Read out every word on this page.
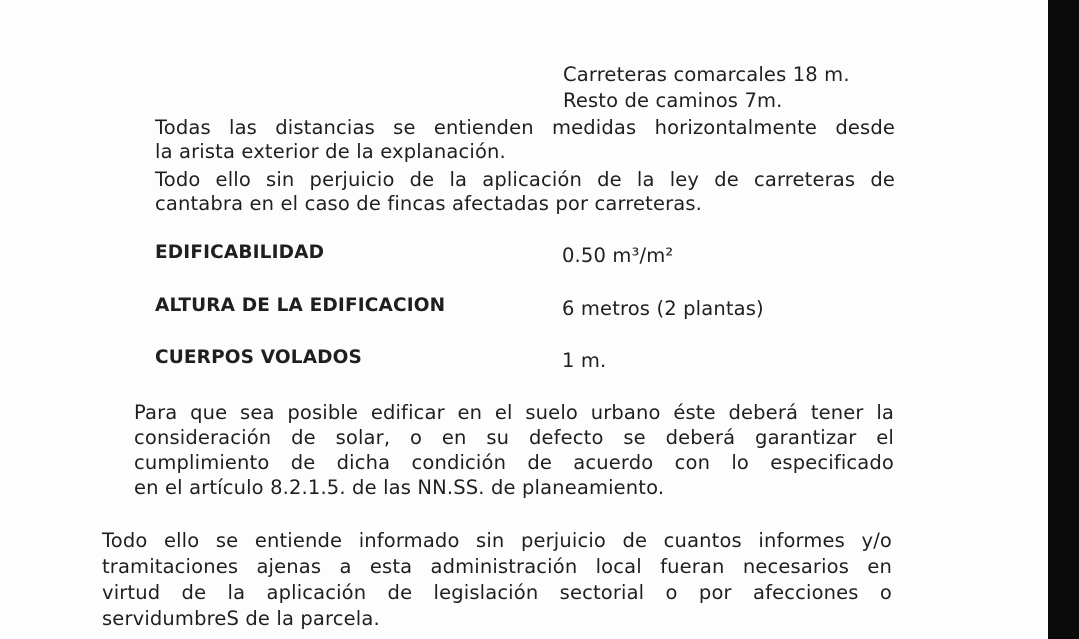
Carreteras comarcales 18 m.
Resto de caminos 7m.
Todas las distancias se entienden medidas horizontalmente desde
la arista exterior de la explanación.
Todo ello sin perjuicio de la aplicación de la ley de carreteras de
cantabra en el caso de fincas afectadas por carreteras.
EDIFICABILIDAD	0.50 m³/m²
ALTURA DE LA EDIFICACION	6 metros (2 plantas)
CUERPOS VOLADOS	1 m.
Para que sea posible edificar en el suelo urbano éste deberá tener la
consideración de solar, o en su defecto se deberá garantizar el
cumplimiento de dicha condición de acuerdo con lo especificado
en el artículo 8.2.1.5. de las NN.SS. de planeamiento.
Todo ello se entiende informado sin perjuicio de cuantos informes y/o
tramitaciones ajenas a esta administración local fueran necesarios en
virtud de la aplicación de legislación sectorial o por afecciones o
servidumbreS de la parcela.
